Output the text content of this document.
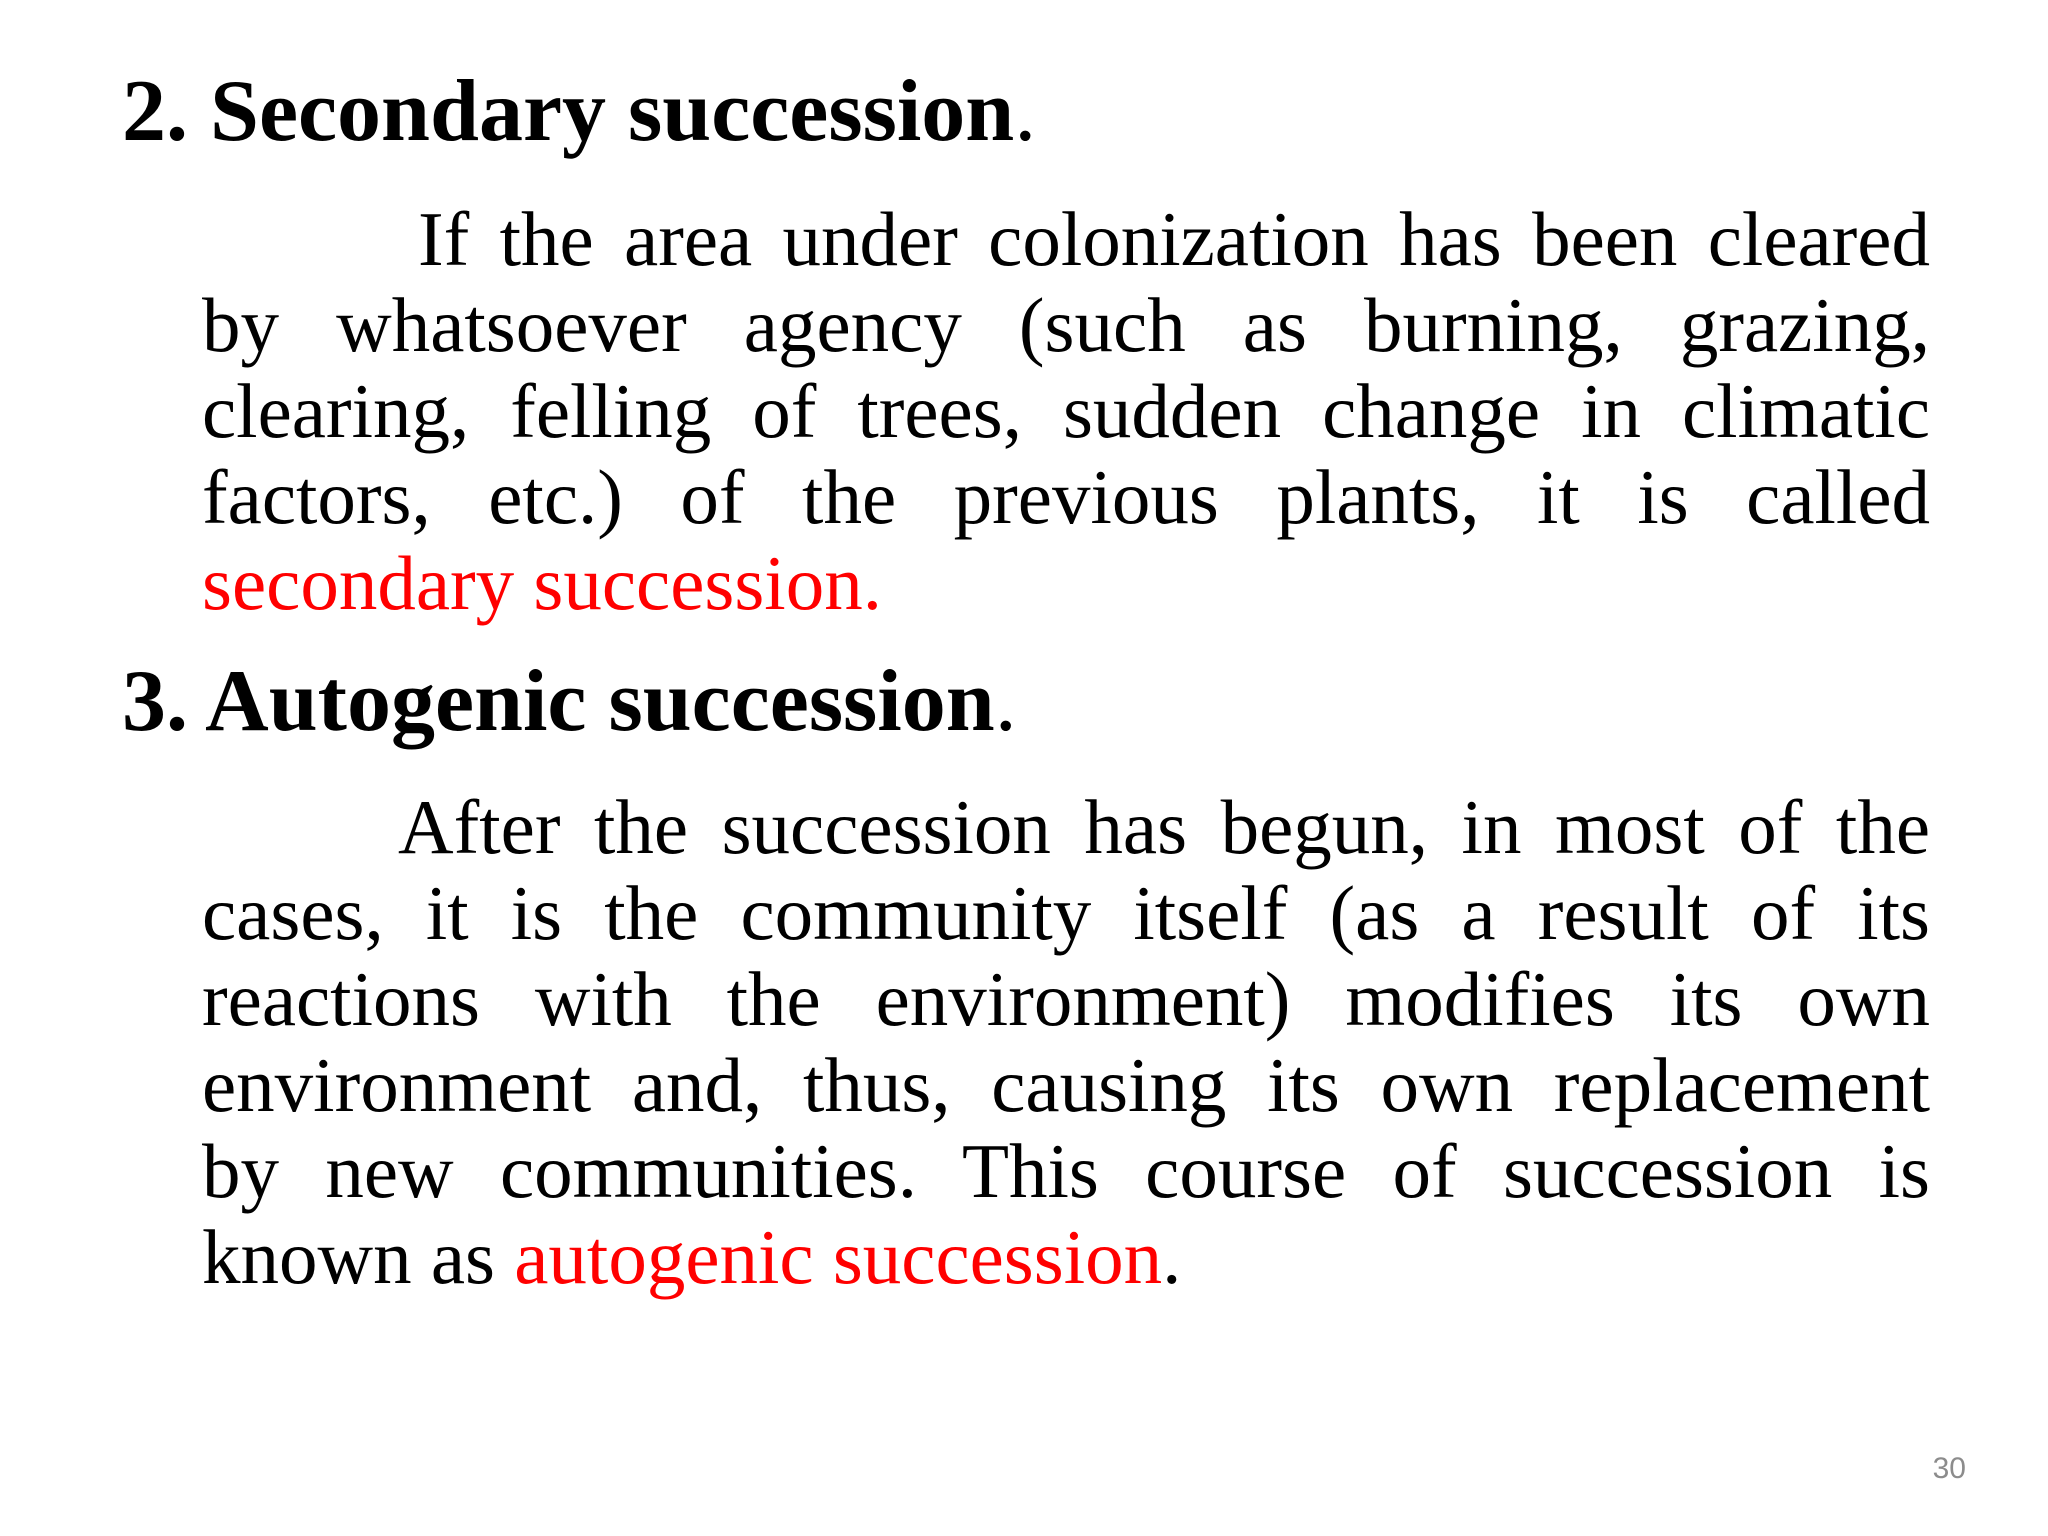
2. Secondary succession.
If the area under colonization has been cleared
by whatsoever agency (such as burning, grazing,
clearing, felling of trees, sudden change in climatic
factors, etc.) of the previous plants, it is called
secondary succession.
3. Autogenic succession.
After the succession has begun, in most of the
cases, it is the community itself (as a result of its
reactions with the environment) modifies its own
environment and, thus, causing its own replacement
by new communities. This course of succession is
known as autogenic succession.
30
